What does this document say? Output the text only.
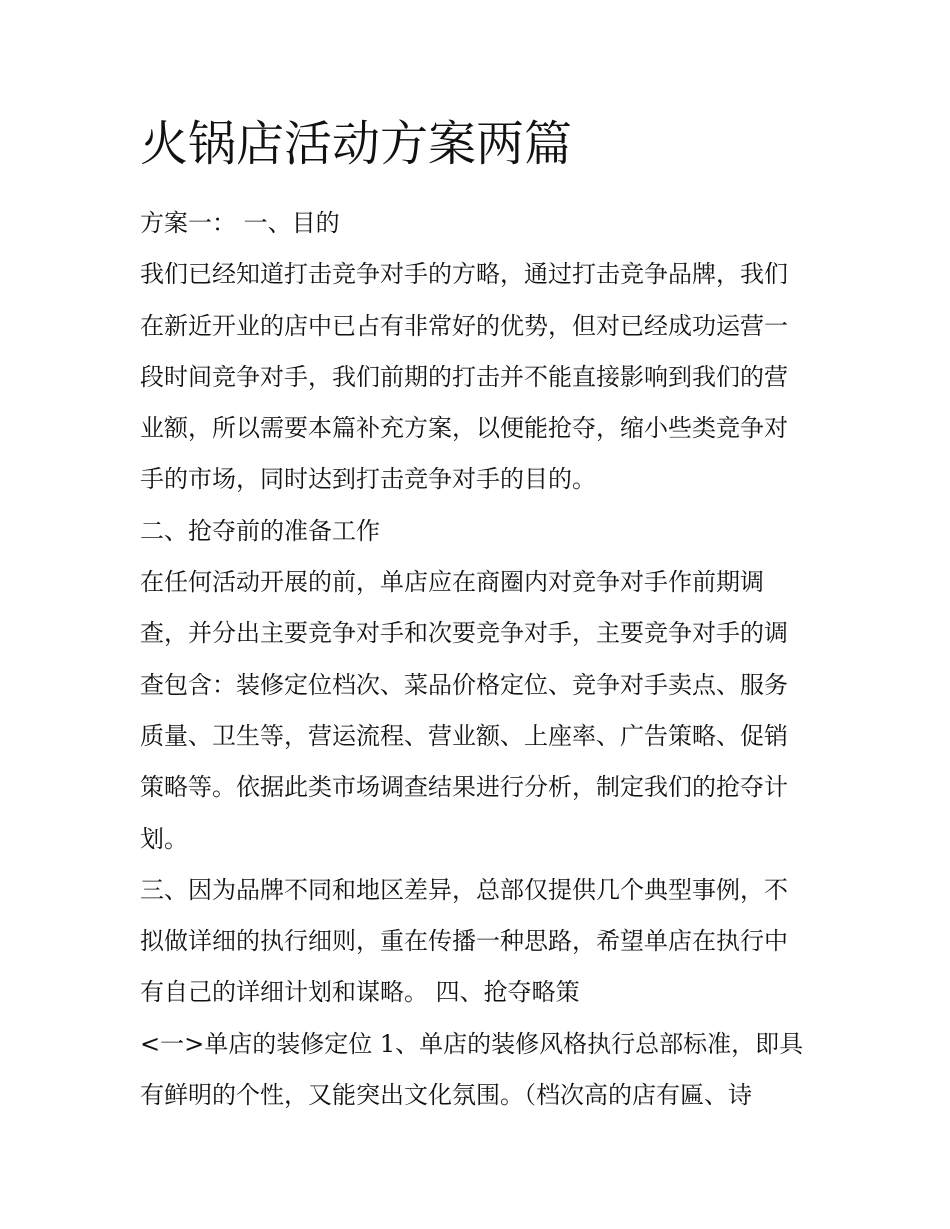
火锅店活动方案两篇
方案一： 一、目的
我们已经知道打击竞争对手的方略，通过打击竞争品牌，我们
在新近开业的店中已占有非常好的优势，但对已经成功运营一
段时间竞争对手，我们前期的打击并不能直接影响到我们的营
业额，所以需要本篇补充方案，以便能抢夺，缩小些类竞争对
手的市场，同时达到打击竞争对手的目的。
二、抢夺前的准备工作
在任何活动开展的前，单店应在商圈内对竞争对手作前期调
查，并分出主要竞争对手和次要竞争对手，主要竞争对手的调
查包含：装修定位档次、菜品价格定位、竞争对手卖点、服务
质量、卫生等，营运流程、营业额、上座率、广告策略、促销
策略等。依据此类市场调查结果进行分析，制定我们的抢夺计
划。
三、因为品牌不同和地区差异，总部仅提供几个典型事例，不
拟做详细的执行细则，重在传播一种思路，希望单店在执行中
有自己的详细计划和谋略。 四、抢夺略策
<一>单店的装修定位 1、单店的装修风格执行总部标准，即具
有鲜明的个性，又能突出文化氛围。（档次高的店有匾、诗
